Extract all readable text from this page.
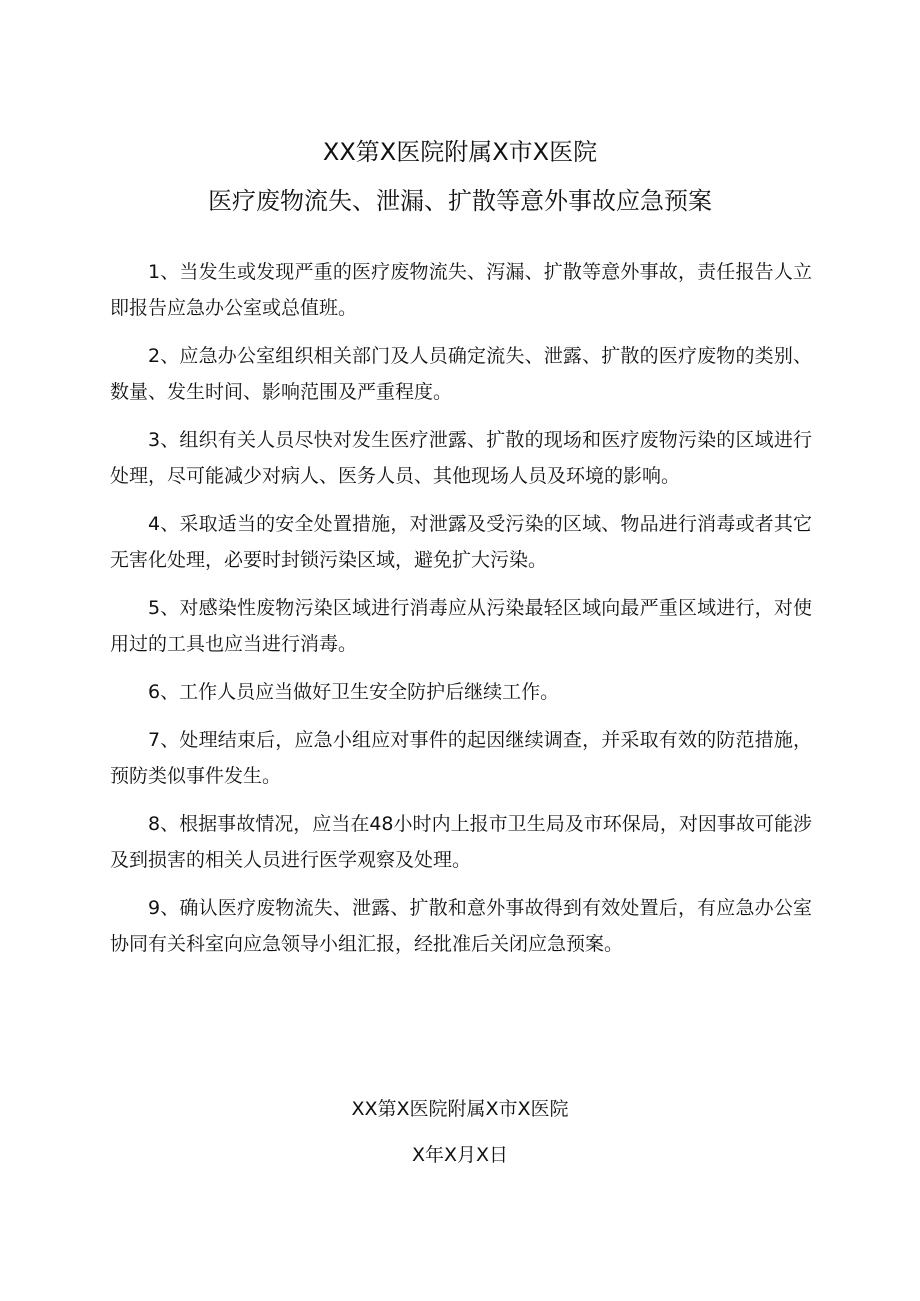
XX第X医院附属X市X医院
医疗废物流失、泄漏、扩散等意外事故应急预案

1、当发生或发现严重的医疗废物流失、泻漏、扩散等意外事故，责任报告人立即报告应急办公室或总值班。

2、应急办公室组织相关部门及人员确定流失、泄露、扩散的医疗废物的类别、数量、发生时间、影响范围及严重程度。

3、组织有关人员尽快对发生医疗泄露、扩散的现场和医疗废物污染的区域进行处理，尽可能减少对病人、医务人员、其他现场人员及环境的影响。

4、采取适当的安全处置措施，对泄露及受污染的区域、物品进行消毒或者其它无害化处理，必要时封锁污染区域，避免扩大污染。

5、对感染性废物污染区域进行消毒应从污染最轻区域向最严重区域进行，对使用过的工具也应当进行消毒。

6、工作人员应当做好卫生安全防护后继续工作。

7、处理结束后，应急小组应对事件的起因继续调查，并采取有效的防范措施，预防类似事件发生。

8、根据事故情况，应当在48小时内上报市卫生局及市环保局，对因事故可能涉及到损害的相关人员进行医学观察及处理。

9、确认医疗废物流失、泄露、扩散和意外事故得到有效处置后，有应急办公室协同有关科室向应急领导小组汇报，经批准后关闭应急预案。

XX第X医院附属X市X医院
X年X月X日
